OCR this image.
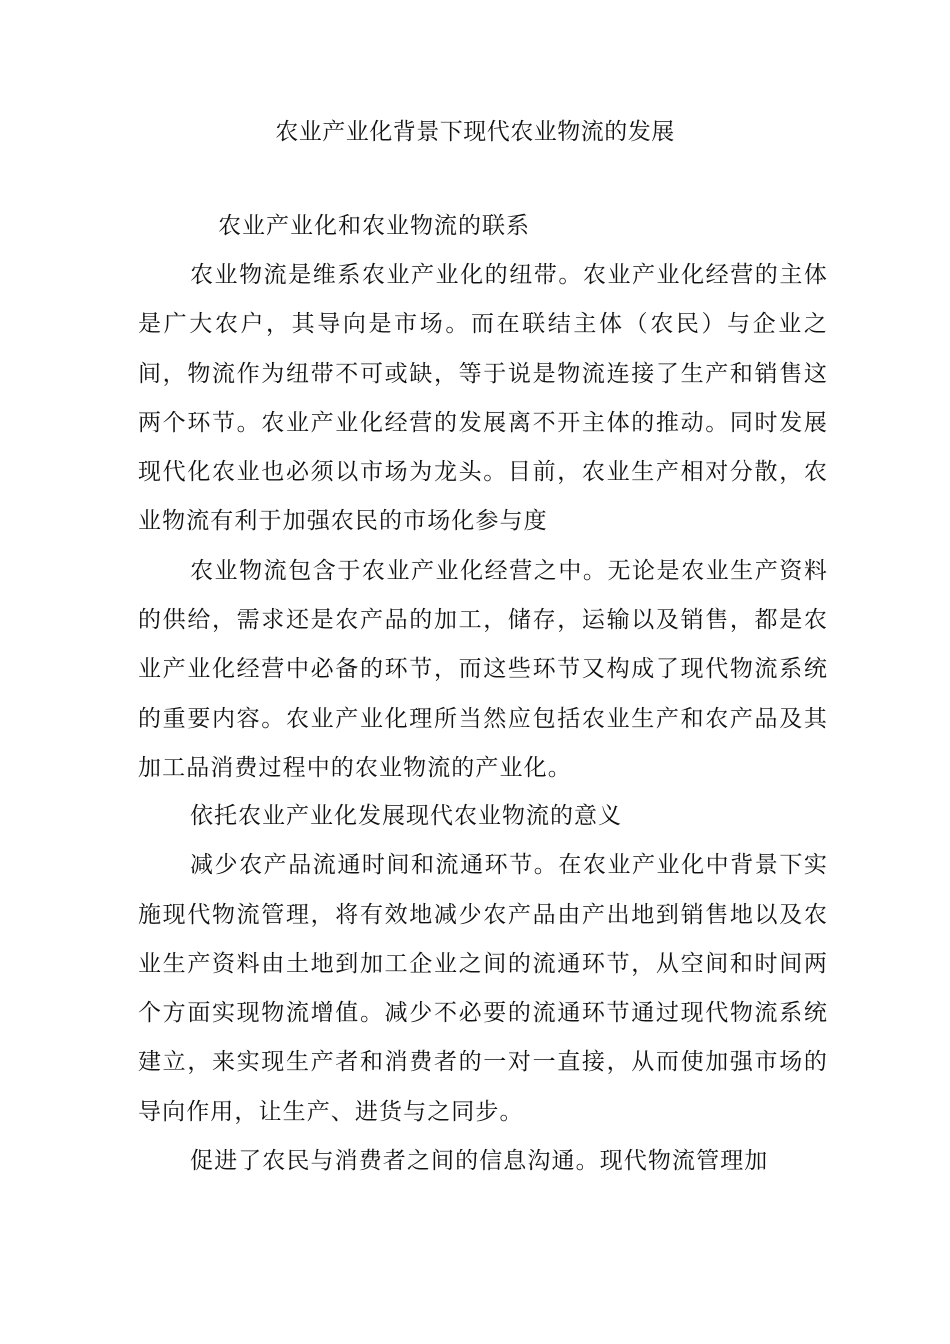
农业产业化背景下现代农业物流的发展

农业产业化和农业物流的联系

农业物流是维系农业产业化的纽带。农业产业化经营的主体是广大农户，其导向是市场。而在联结主体（农民）与企业之间，物流作为纽带不可或缺，等于说是物流连接了生产和销售这两个环节。农业产业化经营的发展离不开主体的推动。同时发展现代化农业也必须以市场为龙头。目前，农业生产相对分散，农业物流有利于加强农民的市场化参与度

农业物流包含于农业产业化经营之中。无论是农业生产资料的供给，需求还是农产品的加工，储存，运输以及销售，都是农业产业化经营中必备的环节，而这些环节又构成了现代物流系统的重要内容。农业产业化理所当然应包括农业生产和农产品及其加工品消费过程中的农业物流的产业化。

依托农业产业化发展现代农业物流的意义

减少农产品流通时间和流通环节。在农业产业化中背景下实施现代物流管理，将有效地减少农产品由产出地到销售地以及农业生产资料由土地到加工企业之间的流通环节，从空间和时间两个方面实现物流增值。减少不必要的流通环节通过现代物流系统建立，来实现生产者和消费者的一对一直接，从而使加强市场的导向作用，让生产、进货与之同步。

促进了农民与消费者之间的信息沟通。现代物流管理加
